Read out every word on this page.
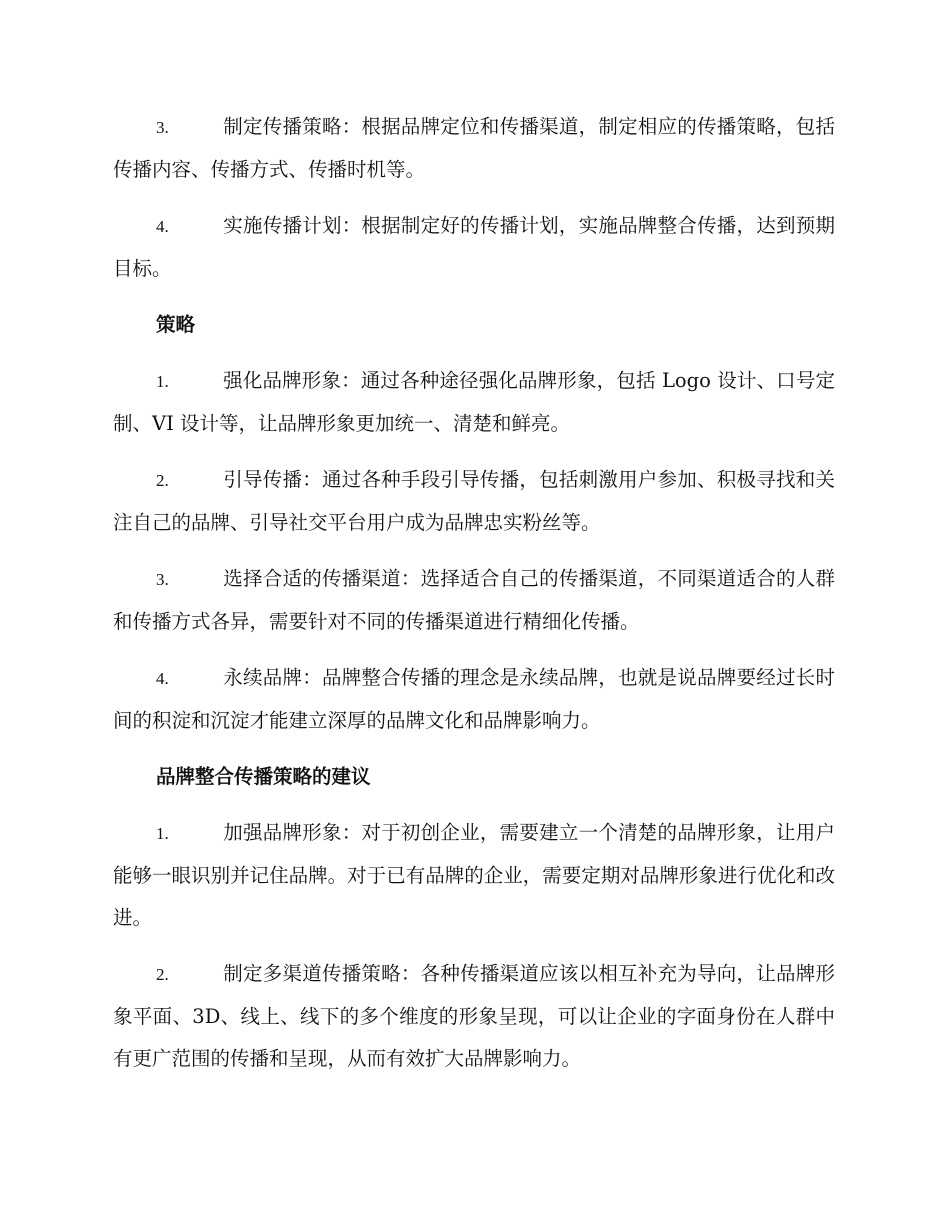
3.	制定传播策略：根据品牌定位和传播渠道，制定相应的传播策略，包括传播内容、传播方式、传播时机等。

4.	实施传播计划：根据制定好的传播计划，实施品牌整合传播，达到预期目标。

策略

1.	强化品牌形象：通过各种途径强化品牌形象，包括 Logo 设计、口号定制、VI 设计等，让品牌形象更加统一、清楚和鲜亮。

2.	引导传播：通过各种手段引导传播，包括刺激用户参加、积极寻找和关注自己的品牌、引导社交平台用户成为品牌忠实粉丝等。

3.	选择合适的传播渠道：选择适合自己的传播渠道，不同渠道适合的人群和传播方式各异，需要针对不同的传播渠道进行精细化传播。

4.	永续品牌：品牌整合传播的理念是永续品牌，也就是说品牌要经过长时间的积淀和沉淀才能建立深厚的品牌文化和品牌影响力。

品牌整合传播策略的建议

1.	加强品牌形象：对于初创企业，需要建立一个清楚的品牌形象，让用户能够一眼识别并记住品牌。对于已有品牌的企业，需要定期对品牌形象进行优化和改进。

2.	制定多渠道传播策略：各种传播渠道应该以相互补充为导向，让品牌形象平面、3D、线上、线下的多个维度的形象呈现，可以让企业的字面身份在人群中有更广范围的传播和呈现，从而有效扩大品牌影响力。
